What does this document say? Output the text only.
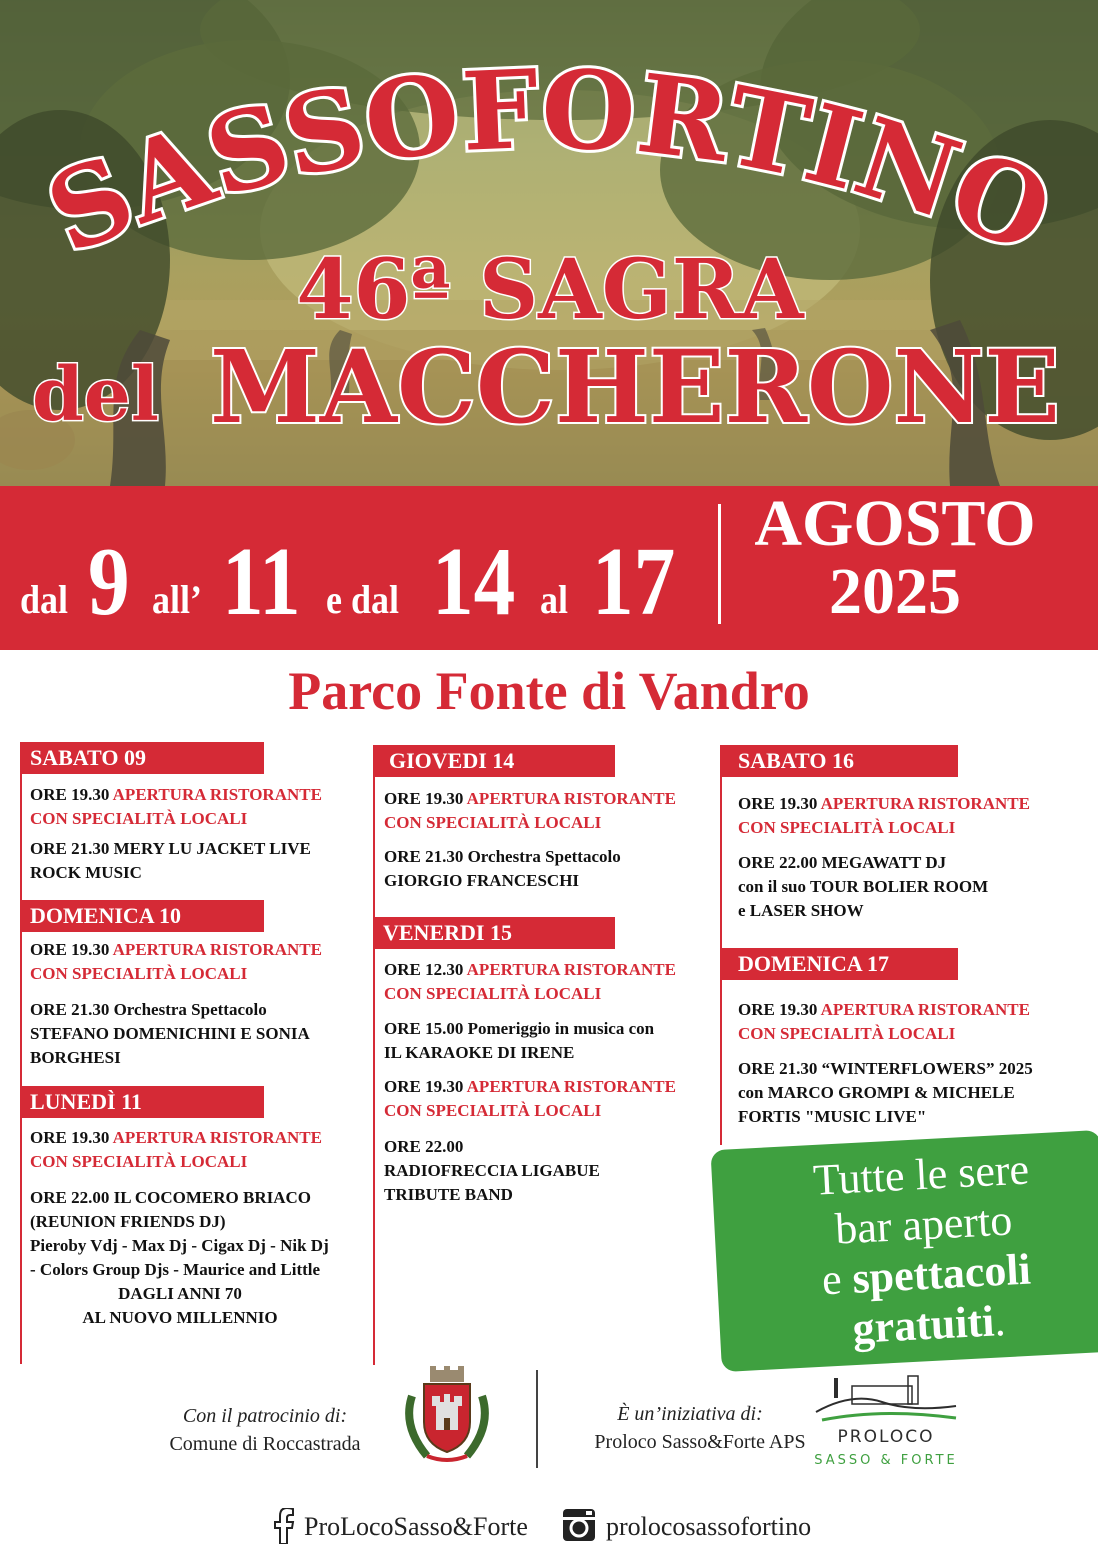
SASSOFORTINO
46ª SAGRA
del MACCHERONE
dal 9 all’ 11 e dal 14 al 17
AGOSTO
2025
Parco Fonte di Vandro
SABATO 09
ORE 19.30 APERTURA RISTORANTE
CON SPECIALITÀ LOCALI
ORE 21.30 MERY LU JACKET LIVE
ROCK MUSIC
DOMENICA 10
ORE 19.30 APERTURA RISTORANTE
CON SPECIALITÀ LOCALI
ORE 21.30 Orchestra Spettacolo
STEFANO DOMENICHINI E SONIA
BORGHESI
LUNEDÌ 11
ORE 19.30 APERTURA RISTORANTE
CON SPECIALITÀ LOCALI
ORE 22.00 IL COCOMERO BRIACO
(REUNION FRIENDS DJ)
Pieroby Vdj - Max Dj - Cigax Dj - Nik Dj
- Colors Group Djs - Maurice and Little
DAGLI ANNI 70
AL NUOVO MILLENNIO
GIOVEDI 14
ORE 19.30 APERTURA RISTORANTE
CON SPECIALITÀ LOCALI
ORE 21.30 Orchestra Spettacolo
GIORGIO FRANCESCHI
VENERDI 15
ORE 12.30 APERTURA RISTORANTE
CON SPECIALITÀ LOCALI
ORE 15.00 Pomeriggio in musica con
IL KARAOKE DI IRENE
ORE 19.30 APERTURA RISTORANTE
CON SPECIALITÀ LOCALI
ORE 22.00
RADIOFRECCIA LIGABUE
TRIBUTE BAND
SABATO 16
ORE 19.30 APERTURA RISTORANTE
CON SPECIALITÀ LOCALI
ORE 22.00 MEGAWATT DJ
con il suo TOUR BOLIER ROOM
e LASER SHOW
DOMENICA 17
ORE 19.30 APERTURA RISTORANTE
CON SPECIALITÀ LOCALI
ORE 21.30 “WINTERFLOWERS” 2025
con MARCO GROMPI & MICHELE
FORTIS "MUSIC LIVE"
Tutte le sere
bar aperto
e spettacoli
gratuiti.
Con il patrocinio di:
Comune di Roccastrada
È un’iniziativa di:
Proloco Sasso&Forte APS	PROLOCO
SASSO & FORTE
ProLocoSasso&Forte	prolocosassofortino
